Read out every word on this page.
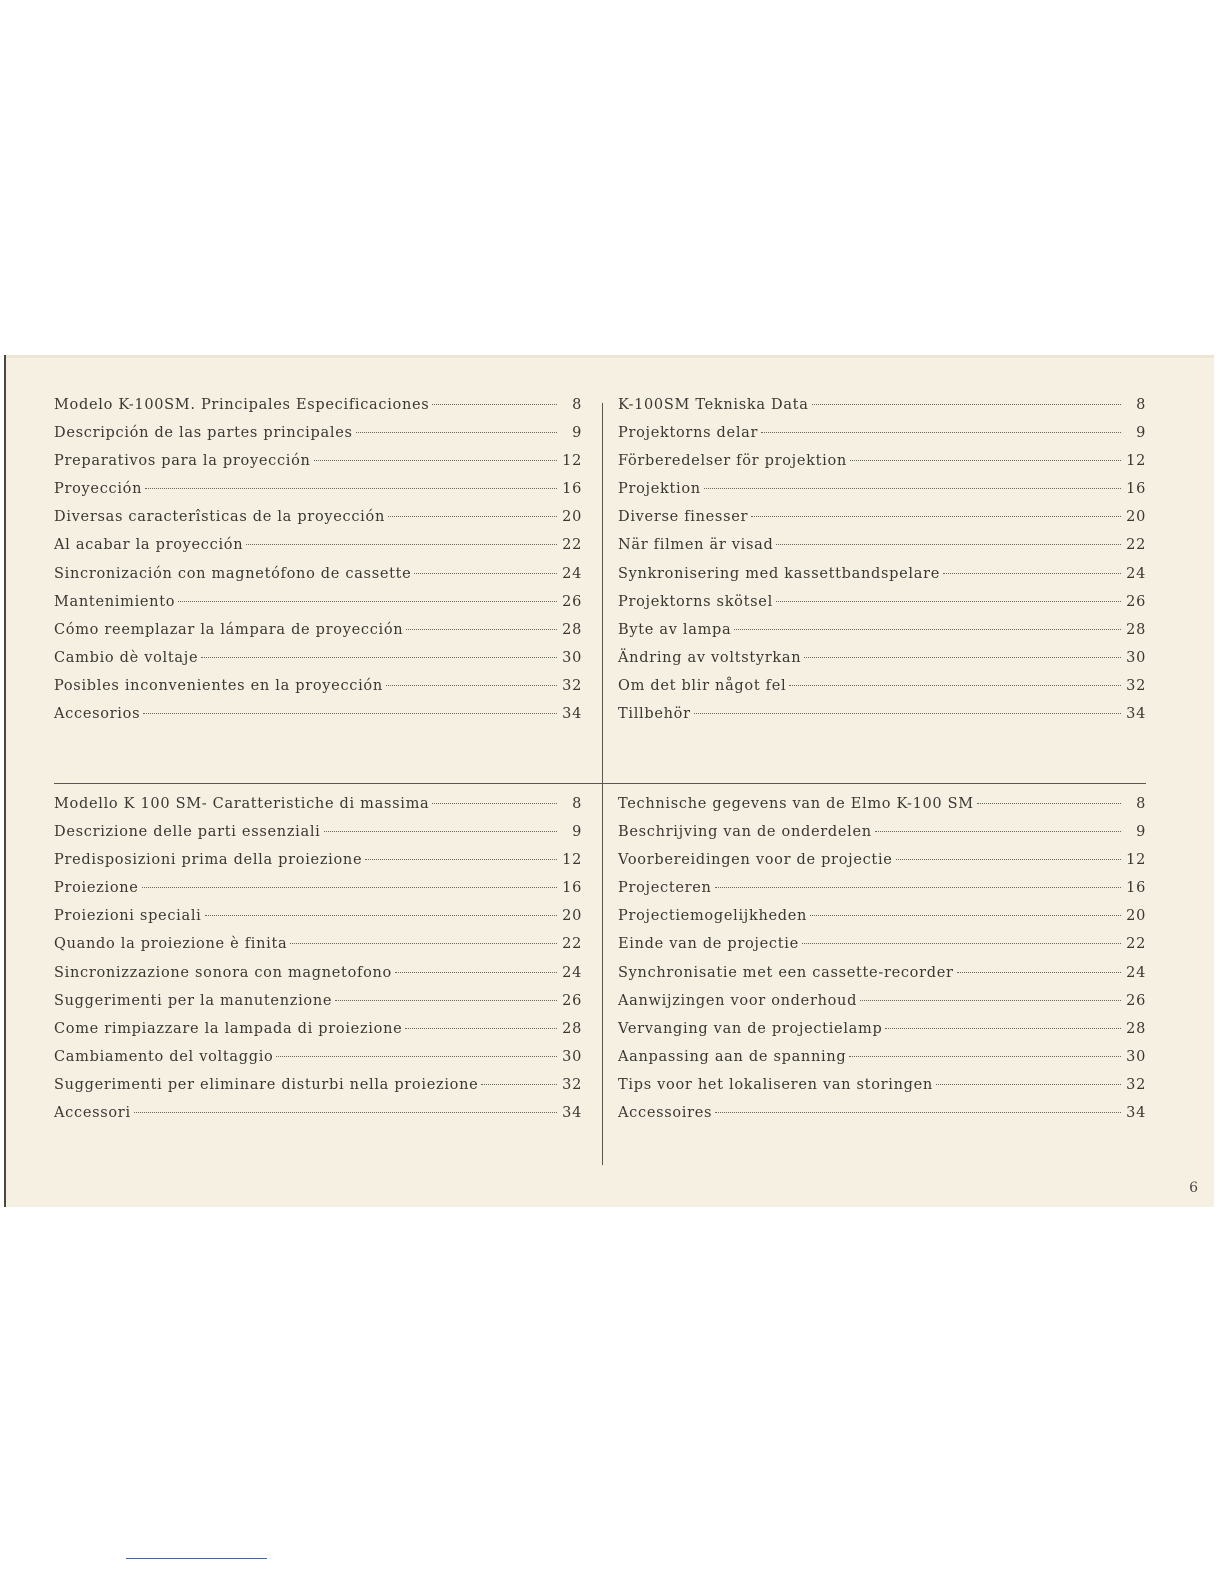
Modelo K-100SM. Principales Especificaciones	8
Descripción de las partes principales	9
Preparativos para la proyección	12
Proyección	16
Diversas caracterîsticas de la proyección	20
Al acabar la proyección	22
Sincronización con magnetófono de cassette	24
Mantenimiento	26
Cómo reemplazar la lámpara de proyección	28
Cambio dè voltaje	30
Posibles inconvenientes en la proyección	32
Accesorios	34
K-100SM Tekniska Data	8
Projektorns delar	9
Förberedelser för projektion	12
Projektion	16
Diverse finesser	20
När filmen är visad	22
Synkronisering med kassettbandspelare	24
Projektorns skötsel	26
Byte av lampa	28
Ändring av voltstyrkan	30
Om det blir något fel	32
Tillbehör	34
Modello K 100 SM- Caratteristiche di massima	8
Descrizione delle parti essenziali	9
Predisposizioni prima della proiezione	12
Proiezione	16
Proiezioni speciali	20
Quando la proiezione è finita	22
Sincronizzazione sonora con magnetofono	24
Suggerimenti per la manutenzione	26
Come rimpiazzare la lampada di proiezione	28
Cambiamento del voltaggio	30
Suggerimenti per eliminare disturbi nella proiezione	32
Accessori	34
Technische gegevens van de Elmo K-100 SM	8
Beschrijving van de onderdelen	9
Voorbereidingen voor de projectie	12
Projecteren	16
Projectiemogelijkheden	20
Einde van de projectie	22
Synchronisatie met een cassette-recorder	24
Aanwijzingen voor onderhoud	26
Vervanging van de projectielamp	28
Aanpassing aan de spanning	30
Tips voor het lokaliseren van storingen	32
Accessoires	34
6
